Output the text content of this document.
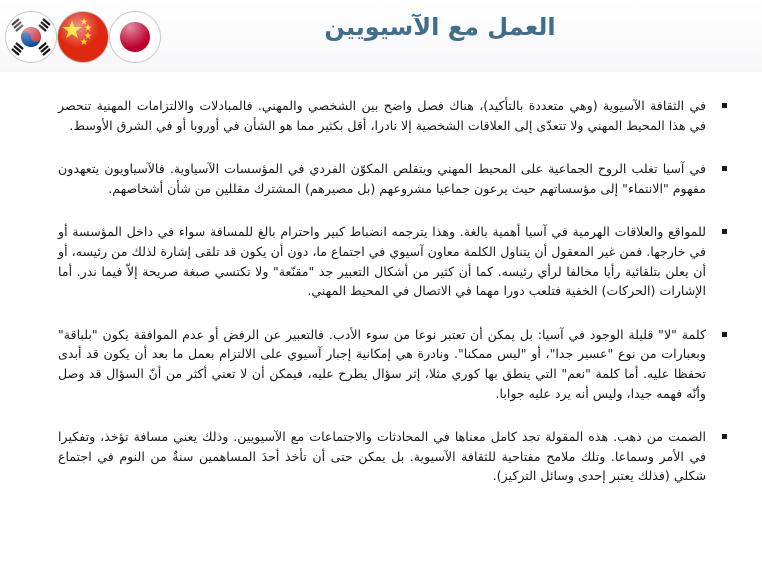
العمل مع الآسيويين

في الثقافة الآسيوية (وهي متعددة بالتأكيد)، هناك فصل واضح بين الشخصي والمهني. فالمبادلات والالتزامات المهنية تنحصر في هذا المحيط المهني ولا تتعدّى إلى العلاقات الشخصية إلا نادرا، أقل بكثير مما هو الشأن في أوروبا أو في الشرق الأوسط.

في آسيا تغلب الروح الجماعية على المحيط المهني ويتقلص المكوّن الفردي في المؤسسات الآسياوية. فالآسياويون يتعهدون مفهوم "الانتماء" إلى مؤسساتهم حيث يرعون جماعيا مشروعهم (بل مصيرهم) المشترك مقللين من شأن أشخاصهم.

للمواقع والعلاقات الهرمية في آسيا أهمية بالغة. وهذا يترجمه انضباط كبير واحترام بالغ للمسافة سواء في داخل المؤسسة أو في خارجها. فمن غير المعقول أن يتناول الكلمة معاون آسيوي في اجتماع ما، دون أن يكون قد تلقى إشارة لذلك من رئيسه، أو أن يعلن بتلقائية رأيا مخالفا لرأي رئيسه. كما أن كثير من أشكال التعبير جد "مقنّعة" ولا تكتسي صبغة صريحة إلاّ فيما ندر. أما الإشارات (الحركات) الخفية فتلعب دورا مهما في الاتصال في المحيط المهني.

كلمة "لا" قليلة الوجود في آسيا: بل يمكن أن تعتبر نوعا من سوء الأدب. فالتعبير عن الرفض أو عدم الموافقة يكون "بلباقة" وبعبارات من نوع "عسير جدا"، أو "ليس ممكنا". ونادرة هي إمكانية إجبار آسيوي على الالتزام بعمل ما بعد أن يكون قد أبدى تحفظا عليه. أما كلمة "نعم" التي ينطق بها كوري مثلا، إثر سؤال يطرح عليه، فيمكن أن لا تعني أكثر من أنّ السؤال قد وصل وأنّه فهمه جيدا، وليس أنه يرد عليه جوابا.

الصمت من ذهب. هذه المقولة تجد كامل معناها في المحادثات والاجتماعات مع الآسيويين. وذلك يعني مسافة تؤخذ، وتفكيرا في الأمر وسماعا. وتلك ملامح مفتاحية للثقافة الآسيوية. بل يمكن حتى أن تأخذ أحدَ المساهمين سنةٌ من النوم في اجتماع شكلي (فذلك يعتبر إحدى وسائل التركيز).
